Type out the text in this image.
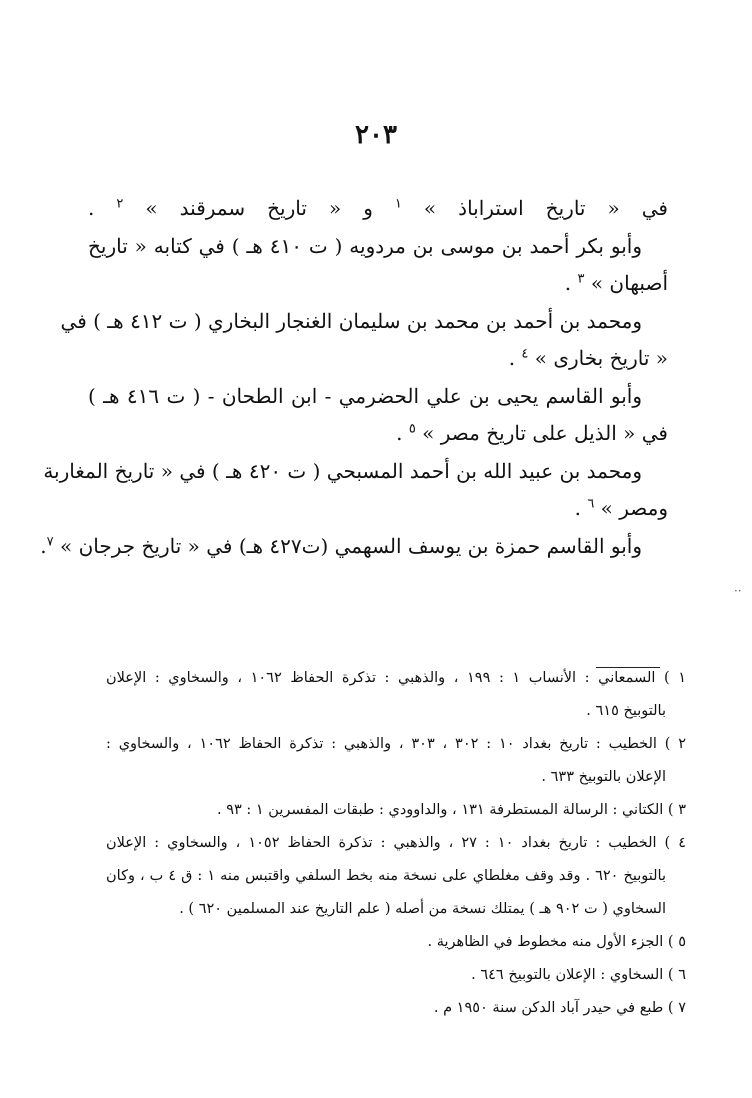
٢٠٣
في « تاريخ استراباذ » $^١$ و « تاريخ سمرقند » $^٢$ .
وأبو بكر أحمد بن موسى بن مردويه ( ت ٤١٠ هـ ) في كتابه « تاريخ
أصبهان » $^٣$ .
ومحمد بن أحمد بن محمد بن سليمان الغنجار البخاري ( ت ٤١٢ هـ ) في
« تاريخ بخارى » $^٤$ .
وأبو القاسم يحيى بن علي الحضرمي - ابن الطحان - ( ت ٤١٦ هـ )
في « الذيل على تاريخ مصر » $^٥$ .
ومحمد بن عبيد الله بن أحمد المسبحي ( ت ٤٢٠ هـ ) في « تاريخ المغاربة
ومصر » $^٦$ .
وأبو القاسم حمزة بن يوسف السهمي (ت٤٢٧ هـ) في « تاريخ جرجان » $^٧$.
··
١ ) السمعاني : الأنساب ١ : ١٩٩ ، والذهبي : تذكرة الحفاظ ١٠٦٢ ، والسخاوي : الإعلان
بالتوبيخ ٦١٥ .
٢ ) الخطيب : تاريخ بغداد ١٠ : ٣٠٢ ، ٣٠٣ ، والذهبي : تذكرة الحفاظ ١٠٦٢ ، والسخاوي :
الإعلان بالتوبيخ ٦٣٣ .
٣ ) الكتاني : الرسالة المستطرفة ١٣١ ، والداوودي : طبقات المفسرين ١ : ٩٣ .
٤ ) الخطيب : تاريخ بغداد ١٠ : ٢٧ ، والذهبي : تذكرة الحفاظ ١٠٥٢ ، والسخاوي : الإعلان
بالتوبيخ ٦٢٠ . وقد وقف مغلطاي على نسخة منه بخط السلفي واقتبس منه ١ : ق ٤ ب ، وكان
السخاوي ( ت ٩٠٢ هـ ) يمتلك نسخة من أصله ( علم التاريخ عند المسلمين ٦٢٠ ) .
٥ ) الجزء الأول منه مخطوط في الظاهرية .
٦ ) السخاوي : الإعلان بالتوبيخ ٦٤٦ .
٧ ) طبع في حيدر آباد الدكن سنة ١٩٥٠ م .
